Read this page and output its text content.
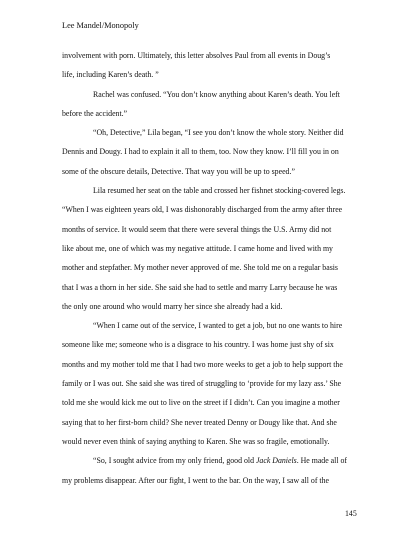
Lee Mandel/Monopoly
involvement with porn. Ultimately, this letter absolves Paul from all events in Doug’s
life, including Karen’s death. ”
Rachel was confused. “You don’t know anything about Karen’s death. You left
before the accident.”
“Oh, Detective,” Lila began, “I see you don’t know the whole story. Neither did
Dennis and Dougy. I had to explain it all to them, too. Now they know. I’ll fill you in on
some of the obscure details, Detective. That way you will be up to speed.”
Lila resumed her seat on the table and crossed her fishnet stocking-covered legs.
“When I was eighteen years old, I was dishonorably discharged from the army after three
months of service. It would seem that there were several things the U.S. Army did not
like about me, one of which was my negative attitude. I came home and lived with my
mother and stepfather. My mother never approved of me. She told me on a regular basis
that I was a thorn in her side. She said she had to settle and marry Larry because he was
the only one around who would marry her since she already had a kid.
“When I came out of the service, I wanted to get a job, but no one wants to hire
someone like me; someone who is a disgrace to his country. I was home just shy of six
months and my mother told me that I had two more weeks to get a job to help support the
family or I was out. She said she was tired of struggling to ‘provide for my lazy ass.’ She
told me she would kick me out to live on the street if I didn’t. Can you imagine a mother
saying that to her first-born child? She never treated Denny or Dougy like that. And she
would never even think of saying anything to Karen. She was so fragile, emotionally.
“So, I sought advice from my only friend, good old Jack Daniels. He made all of
my problems disappear. After our fight, I went to the bar. On the way, I saw all of the
145
